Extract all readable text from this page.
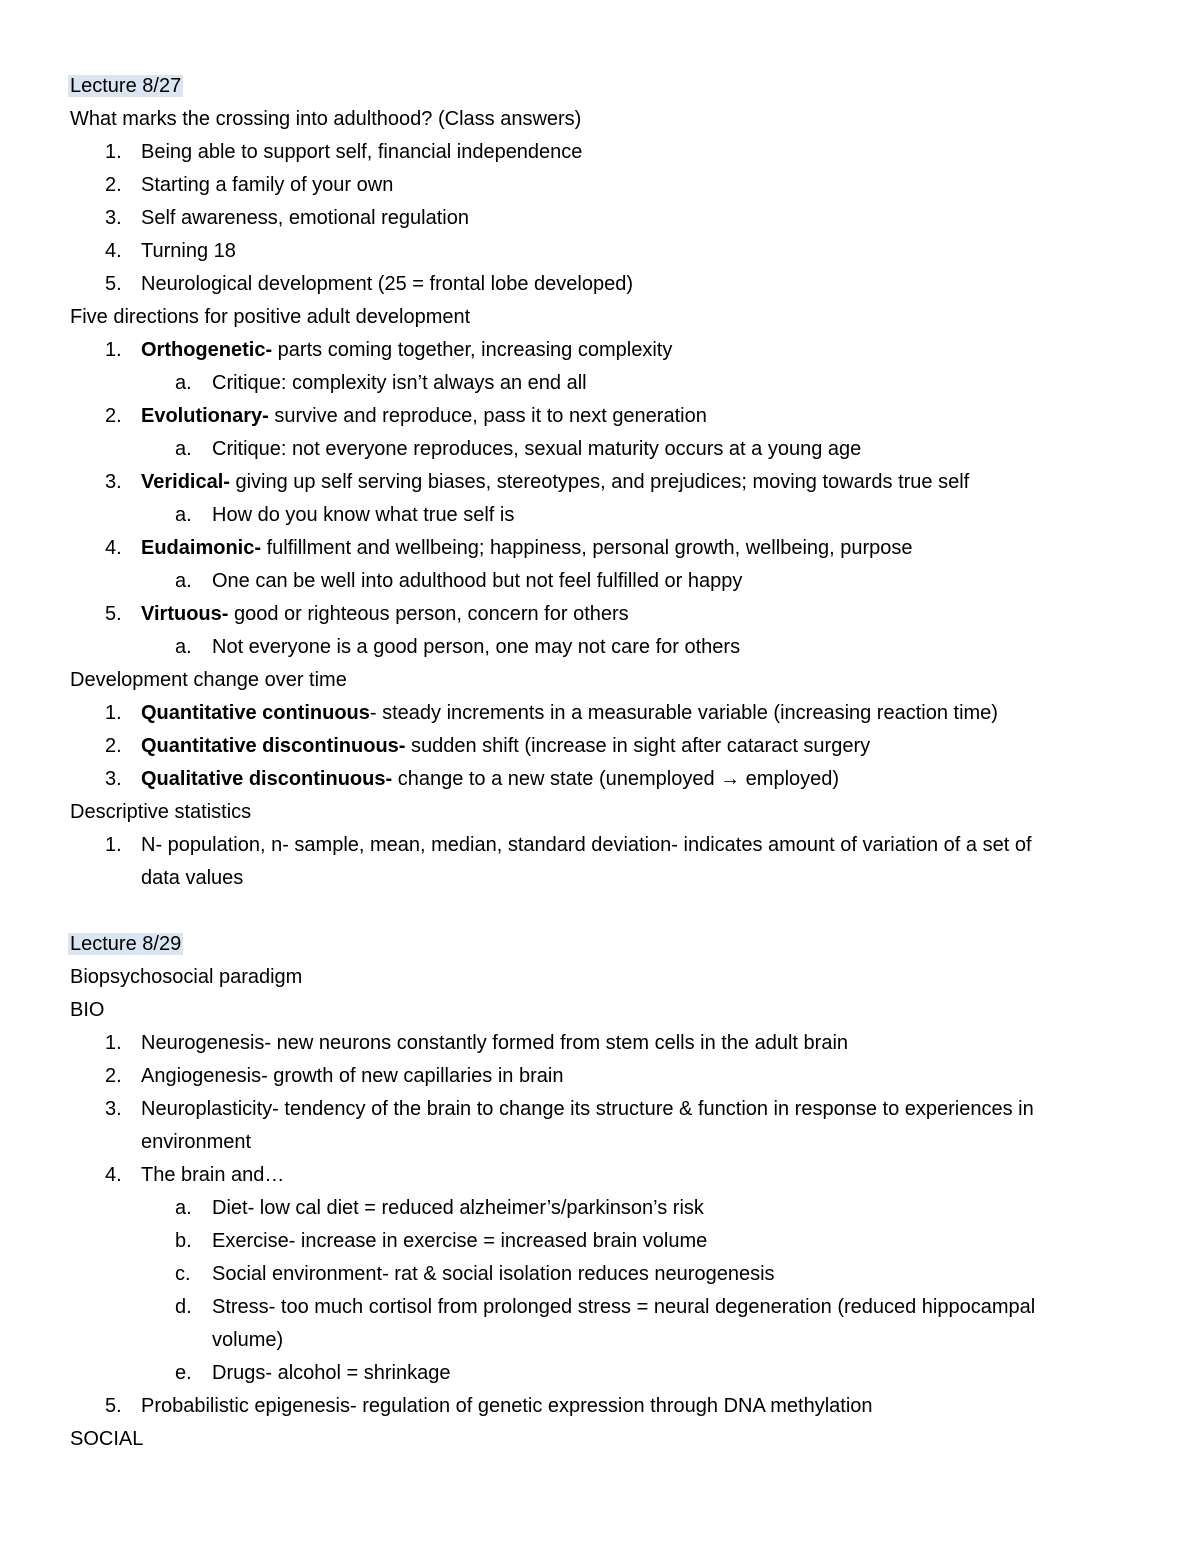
Lecture 8/27
What marks the crossing into adulthood? (Class answers)
1. Being able to support self, financial independence
2. Starting a family of your own
3. Self awareness, emotional regulation
4. Turning 18
5. Neurological development (25 = frontal lobe developed)
Five directions for positive adult development
1. Orthogenetic- parts coming together, increasing complexity
a. Critique: complexity isn’t always an end all
2. Evolutionary- survive and reproduce, pass it to next generation
a. Critique: not everyone reproduces, sexual maturity occurs at a young age
3. Veridical- giving up self serving biases, stereotypes, and prejudices; moving towards true self
a. How do you know what true self is
4. Eudaimonic- fulfillment and wellbeing; happiness, personal growth, wellbeing, purpose
a. One can be well into adulthood but not feel fulfilled or happy
5. Virtuous- good or righteous person, concern for others
a. Not everyone is a good person, one may not care for others
Development change over time
1. Quantitative continuous- steady increments in a measurable variable (increasing reaction time)
2. Quantitative discontinuous- sudden shift (increase in sight after cataract surgery
3. Qualitative discontinuous- change to a new state (unemployed → employed)
Descriptive statistics
1. N- population, n- sample, mean, median, standard deviation- indicates amount of variation of a set of
data values
Lecture 8/29
Biopsychosocial paradigm
BIO
1. Neurogenesis- new neurons constantly formed from stem cells in the adult brain
2. Angiogenesis- growth of new capillaries in brain
3. Neuroplasticity- tendency of the brain to change its structure & function in response to experiences in
environment
4. The brain and…
a. Diet- low cal diet = reduced alzheimer’s/parkinson’s risk
b. Exercise- increase in exercise = increased brain volume
c. Social environment- rat & social isolation reduces neurogenesis
d. Stress- too much cortisol from prolonged stress = neural degeneration (reduced hippocampal
volume)
e. Drugs- alcohol = shrinkage
5. Probabilistic epigenesis- regulation of genetic expression through DNA methylation
SOCIAL
